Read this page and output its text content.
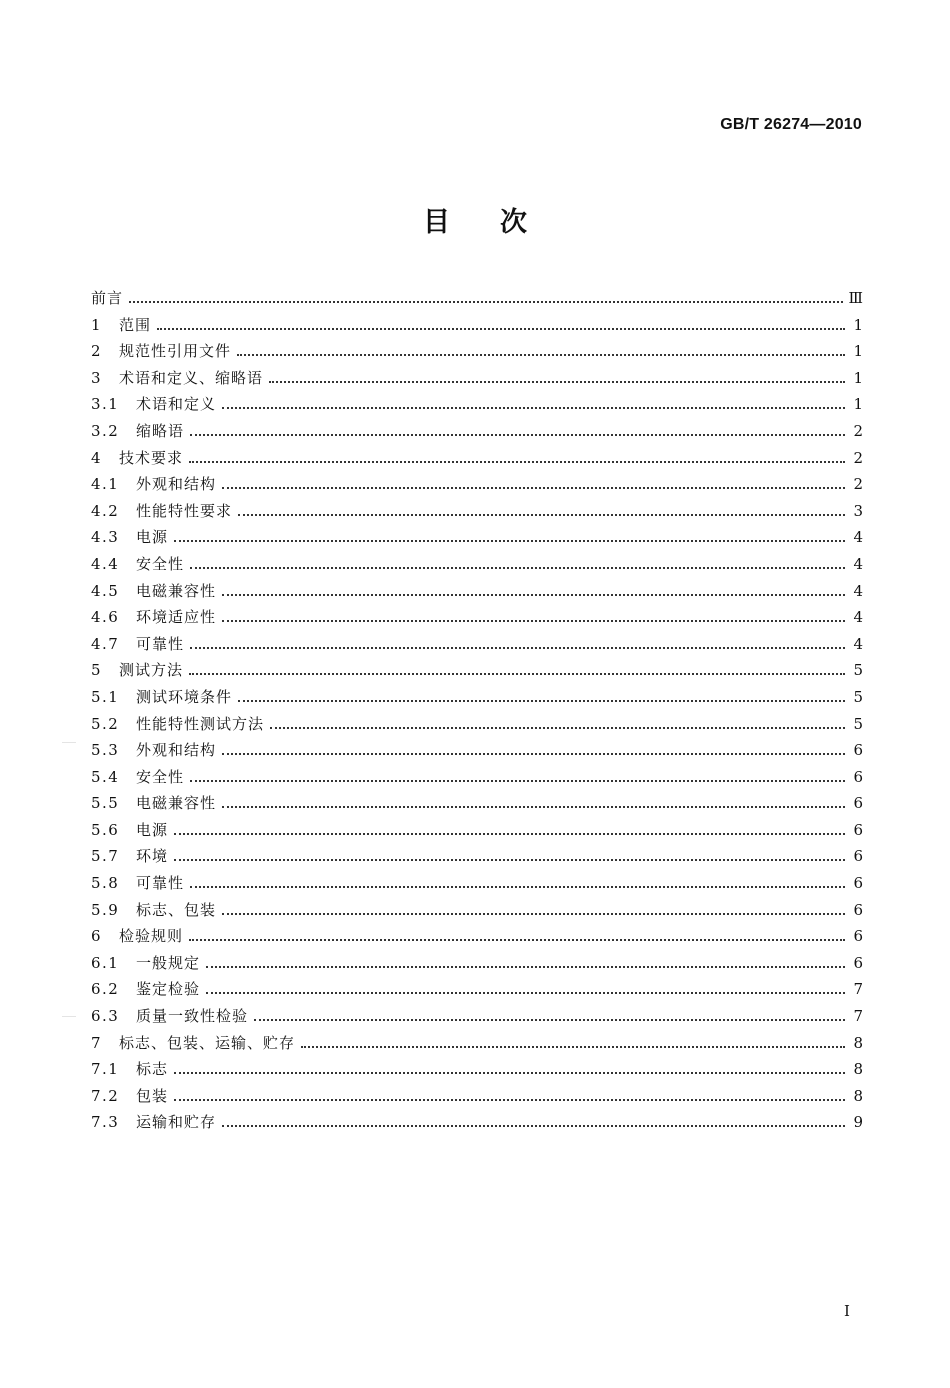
GB/T 26274—2010
目 次
前言	Ⅲ
1	范围	1
2	规范性引用文件	1
3	术语和定义、缩略语	1
3.1	术语和定义	1
3.2	缩略语	2
4	技术要求	2
4.1	外观和结构	2
4.2	性能特性要求	3
4.3	电源	4
4.4	安全性	4
4.5	电磁兼容性	4
4.6	环境适应性	4
4.7	可靠性	4
5	测试方法	5
5.1	测试环境条件	5
5.2	性能特性测试方法	5
5.3	外观和结构	6
5.4	安全性	6
5.5	电磁兼容性	6
5.6	电源	6
5.7	环境	6
5.8	可靠性	6
5.9	标志、包装	6
6	检验规则	6
6.1	一般规定	6
6.2	鉴定检验	7
6.3	质量一致性检验	7
7	标志、包装、运输、贮存	8
7.1	标志	8
7.2	包装	8
7.3	运输和贮存	9
I
